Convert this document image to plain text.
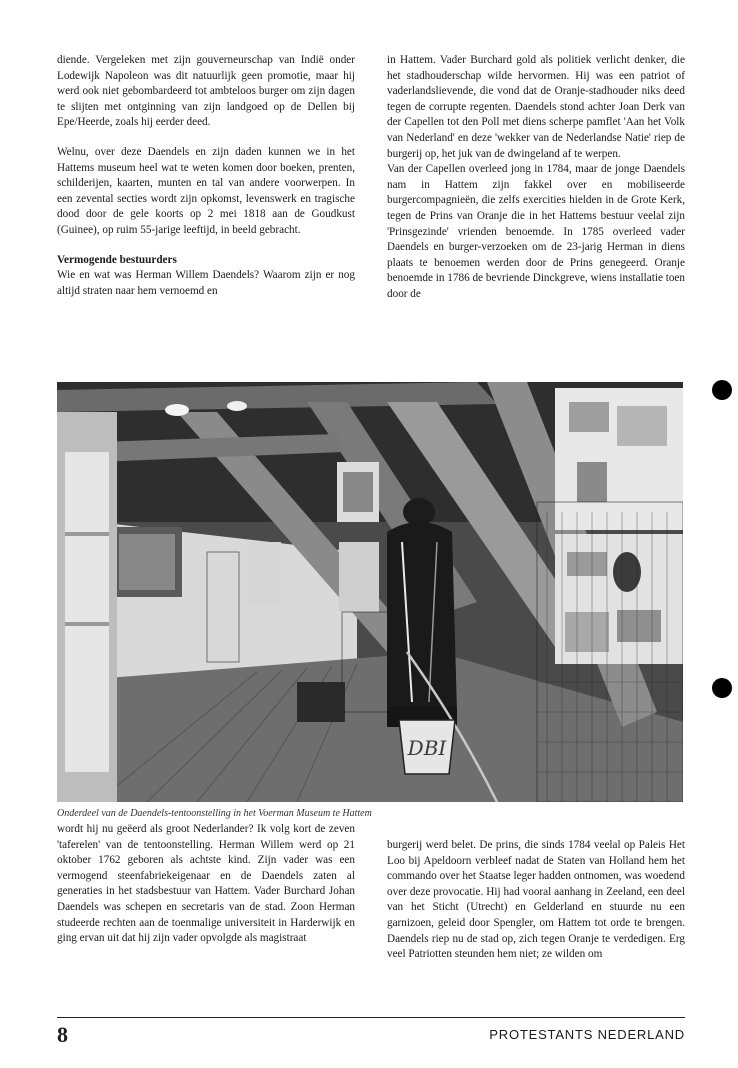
diende. Vergeleken met zijn gouverneurschap van Indië onder Lodewijk Napoleon was dit natuurlijk geen promotie, maar hij werd ook niet gebombardeerd tot ambteloos burger om zijn dagen te slijten met ontginning van zijn landgoed op de Dellen bij Epe/Heerde, zoals hij eerder deed.

Welnu, over deze Daendels en zijn daden kunnen we in het Hattems museum heel wat te weten komen door boeken, prenten, schilderijen, kaarten, munten en tal van andere voorwerpen. In een zevental secties wordt zijn opkomst, levenswerk en tragische dood door de gele koorts op 2 mei 1818 aan de Goudkust (Guinee), op ruim 55-jarige leeftijd, in beeld gebracht.

Vermogende bestuurders

Wie en wat was Herman Willem Daendels? Waarom zijn er nog altijd straten naar hem vernoemd en

in Hattem. Vader Burchard gold als politiek verlicht denker, die het stadhouderschap wilde hervormen. Hij was een patriot of vaderlandslievende, die vond dat de Oranje-stadhouder niks deed tegen de corrupte regenten. Daendels stond achter Joan Derk van der Capellen tot den Poll met diens scherpe pamflet 'Aan het Volk van Nederland' en deze 'wekker van de Nederlandse Natie' riep de burgerij op, het juk van de dwingeland af te werpen.

Van der Capellen overleed jong in 1784, maar de jonge Daendels nam in Hattem zijn fakkel over en mobiliseerde burgercompagnieën, die zelfs exercities hielden in de Grote Kerk, tegen de Prins van Oranje die in het Hattems bestuur veelal zijn 'Prinsgezinde' vrienden benoemde. In 1785 overleed vader Daendels en burger-verzoeken om de 23-jarig Herman in diens plaats te benoemen werden door de Prins genegeerd. Oranje benoemde in 1786 de bevriende Dinckgreve, wiens installatie toen door de

DBI
Onderdeel van de Daendels-tentoonstelling in het Voerman Museum te Hattem

wordt hij nu geëerd als groot Nederlander? Ik volg kort de zeven 'taferelen' van de tentoonstelling. Herman Willem werd op 21 oktober 1762 geboren als achtste kind. Zijn vader was een vermogend steenfabriekeigenaar en de Daendels zaten al generaties in het stadsbestuur van Hattem. Vader Burchard Johan Daendels was schepen en secretaris van de stad. Zoon Herman studeerde rechten aan de toenmalige universiteit in Harderwijk en ging ervan uit dat hij zijn vader opvolgde als magistraat

burgerij werd belet. De prins, die sinds 1784 veelal op Paleis Het Loo bij Apeldoorn verbleef nadat de Staten van Holland hem het commando over het Staatse leger hadden ontnomen, was woedend over deze provocatie. Hij had vooral aanhang in Zeeland, een deel van het Sticht (Utrecht) en Gelderland en stuurde nu een garnizoen, geleid door Spengler, om Hattem tot orde te brengen. Daendels riep nu de stad op, zich tegen Oranje te verdedigen. Erg veel Patriotten steunden hem niet; ze wilden om

8	PROTESTANTS NEDERLAND
